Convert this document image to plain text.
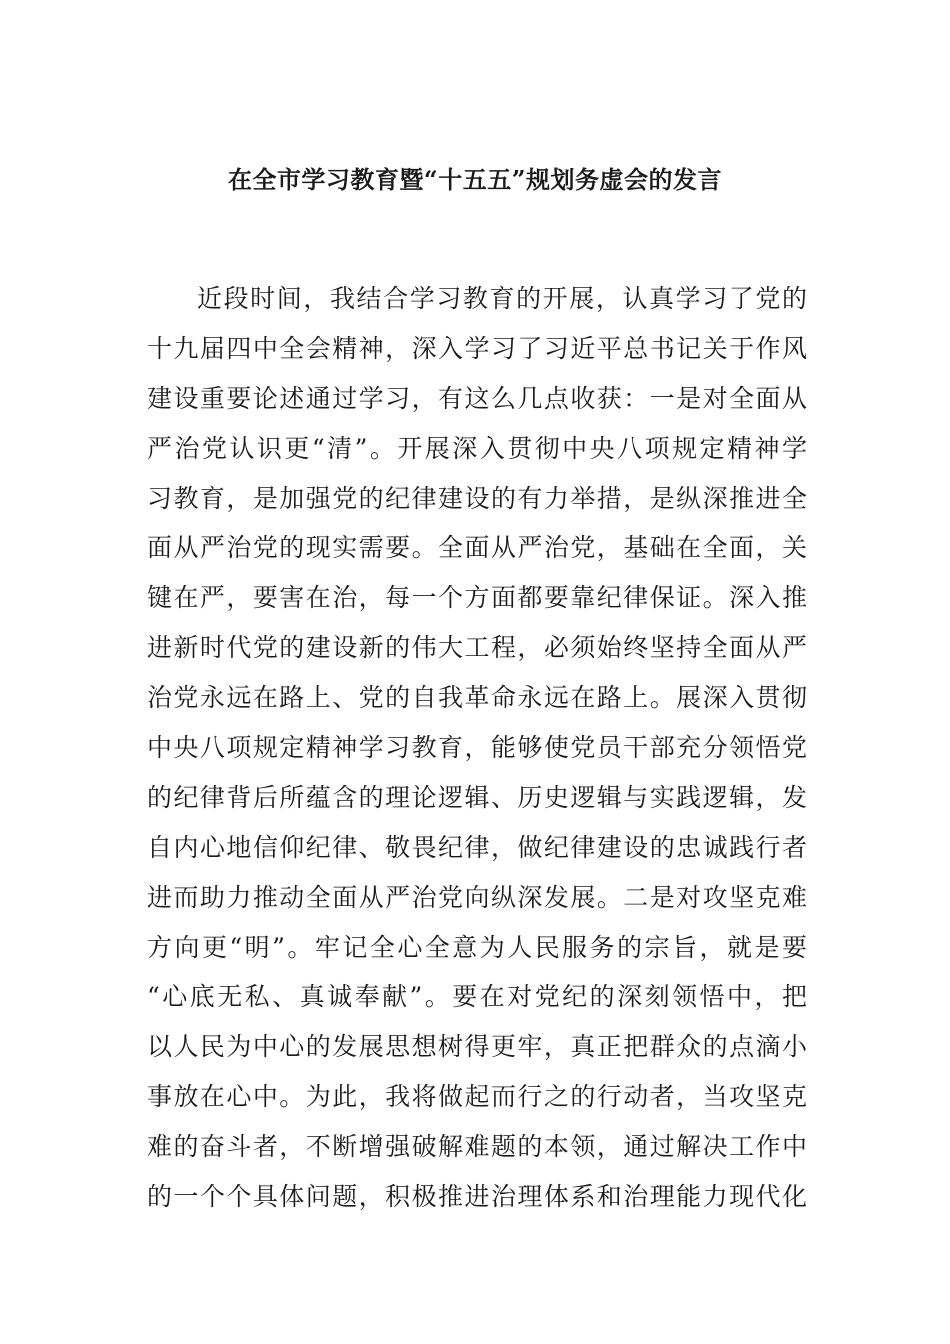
在全市学习教育暨“十五五”规划务虚会的发言
近段时间，我结合学习教育的开展，认真学习了党的
十九届四中全会精神，深入学习了习近平总书记关于作风
建设重要论述通过学习，有这么几点收获：一是对全面从
严治党认识更“清”。开展深入贯彻中央八项规定精神学
习教育，是加强党的纪律建设的有力举措，是纵深推进全
面从严治党的现实需要。全面从严治党，基础在全面，关
键在严，要害在治，每一个方面都要靠纪律保证。深入推
进新时代党的建设新的伟大工程，必须始终坚持全面从严
治党永远在路上、党的自我革命永远在路上。展深入贯彻
中央八项规定精神学习教育，能够使党员干部充分领悟党
的纪律背后所蕴含的理论逻辑、历史逻辑与实践逻辑，发
自内心地信仰纪律、敬畏纪律，做纪律建设的忠诚践行者
进而助力推动全面从严治党向纵深发展。二是对攻坚克难
方向更“明”。牢记全心全意为人民服务的宗旨，就是要
“心底无私、真诚奉献”。要在对党纪的深刻领悟中，把
以人民为中心的发展思想树得更牢，真正把群众的点滴小
事放在心中。为此，我将做起而行之的行动者，当攻坚克
难的奋斗者，不断增强破解难题的本领，通过解决工作中
的一个个具体问题，积极推进治理体系和治理能力现代化
